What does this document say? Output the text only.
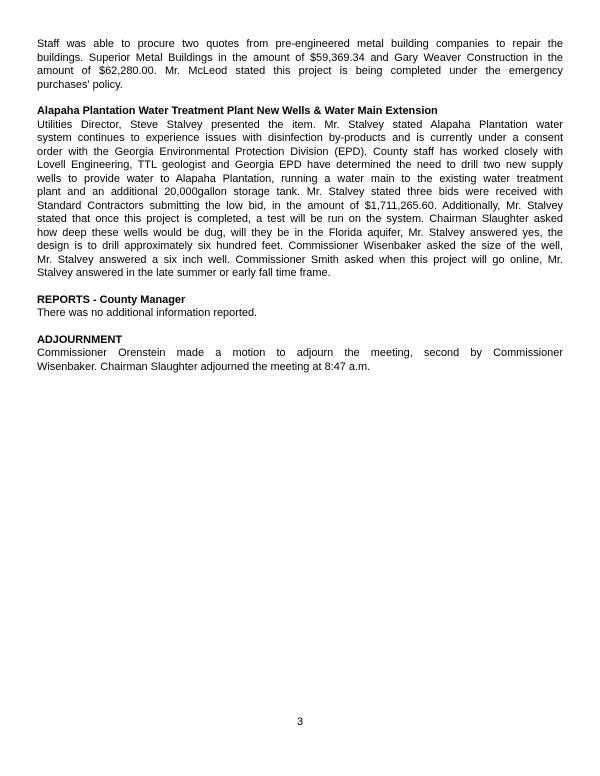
Staff was able to procure two quotes from pre-engineered metal building companies to repair the
buildings. Superior Metal Buildings in the amount of $59,369.34 and Gary Weaver Construction in the
amount of $62,280.00. Mr. McLeod stated this project is being completed under the emergency
purchases' policy.

Alapaha Plantation Water Treatment Plant New Wells & Water Main Extension

Utilities Director, Steve Stalvey presented the item. Mr. Stalvey stated Alapaha Plantation water
system continues to experience issues with disinfection by-products and is currently under a consent
order with the Georgia Environmental Protection Division (EPD). County staff has worked closely with
Lovell Engineering, TTL geologist and Georgia EPD have determined the need to drill two new supply
wells to provide water to Alapaha Plantation, running a water main to the existing water treatment
plant and an additional 20,000gallon storage tank. Mr. Stalvey stated three bids were received with
Standard Contractors submitting the low bid, in the amount of $1,711,265.60. Additionally, Mr. Stalvey
stated that once this project is completed, a test will be run on the system. Chairman Slaughter asked
how deep these wells would be dug, will they be in the Florida aquifer, Mr. Stalvey answered yes, the
design is to drill approximately six hundred feet. Commissioner Wisenbaker asked the size of the well,
Mr. Stalvey answered a six inch well. Commissioner Smith asked when this project will go online, Mr.
Stalvey answered in the late summer or early fall time frame.

REPORTS - County Manager

There was no additional information reported.

ADJOURNMENT

Commissioner Orenstein made a motion to adjourn the meeting, second by Commissioner
Wisenbaker. Chairman Slaughter adjourned the meeting at 8:47 a.m.

3
